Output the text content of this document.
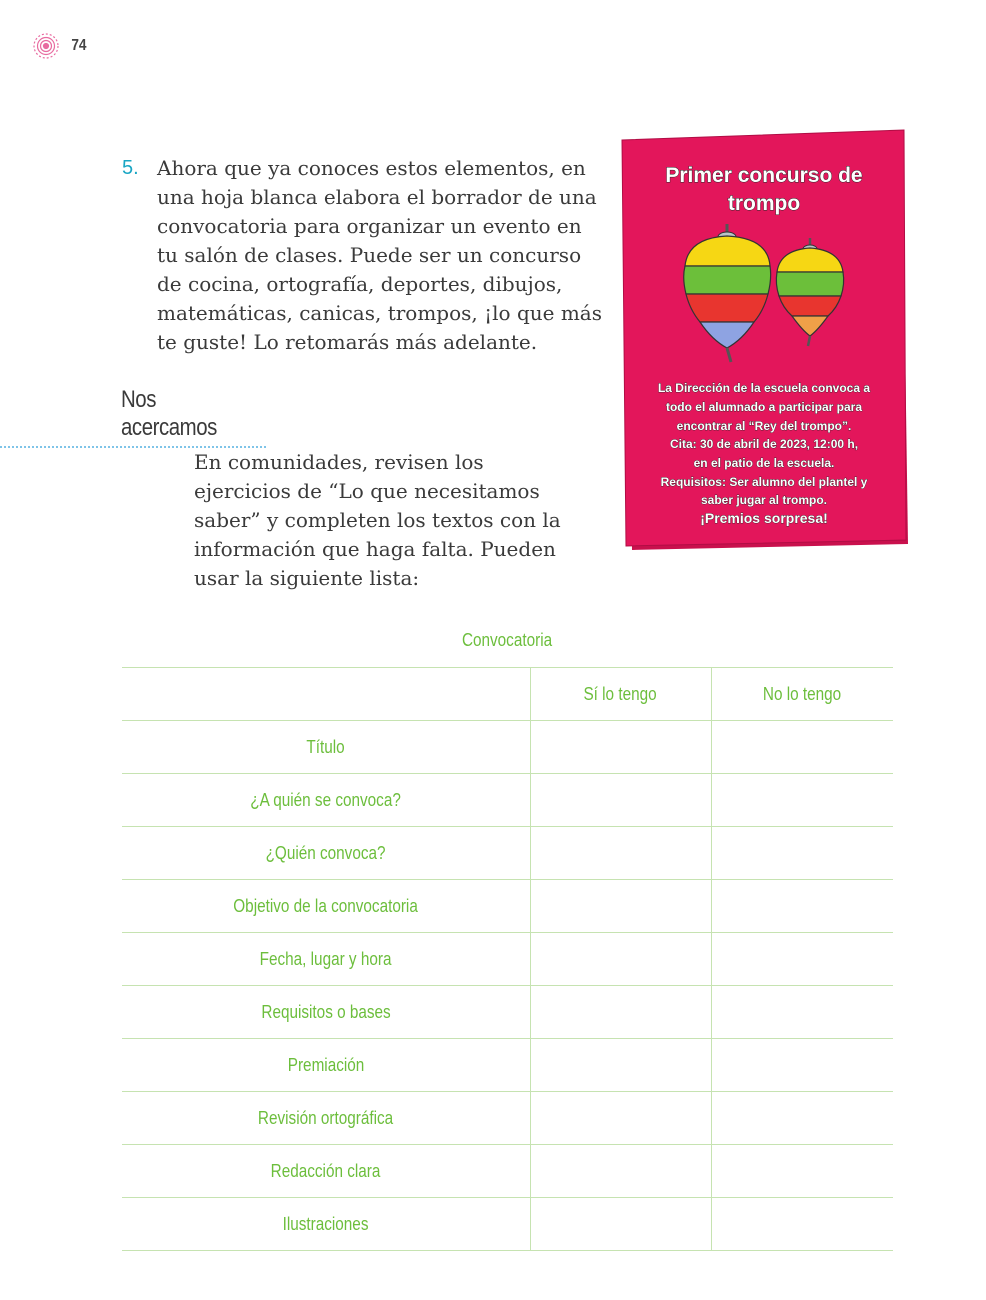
74
5. Ahora que ya conoces estos elementos, en una hoja blanca elabora el borrador de una convocatoria para organizar un evento en tu salón de clases. Puede ser un concurso de cocina, ortografía, deportes, dibujos, matemáticas, canicas, trompos, ¡lo que más te guste! Lo retomarás más adelante.
Nos acercamos
En comunidades, revisen los ejercicios de “Lo que necesitamos saber” y completen los textos con la información que haga falta. Pueden usar la siguiente lista:
Primer concurso de
trompo
La Dirección de la escuela convoca a
todo el alumnado a participar para
encontrar al “Rey del trompo”.
Cita: 30 de abril de 2023, 12:00 h,
en el patio de la escuela.
Requisitos: Ser alumno del plantel y
saber jugar al trompo.
¡Premios sorpresa!
Convocatoria
	Sí lo tengo	No lo tengo
Título		
¿A quién se convoca?		
¿Quién convoca?		
Objetivo de la convocatoria		
Fecha, lugar y hora		
Requisitos o bases		
Premiación		
Revisión ortográfica		
Redacción clara		
Ilustraciones		
